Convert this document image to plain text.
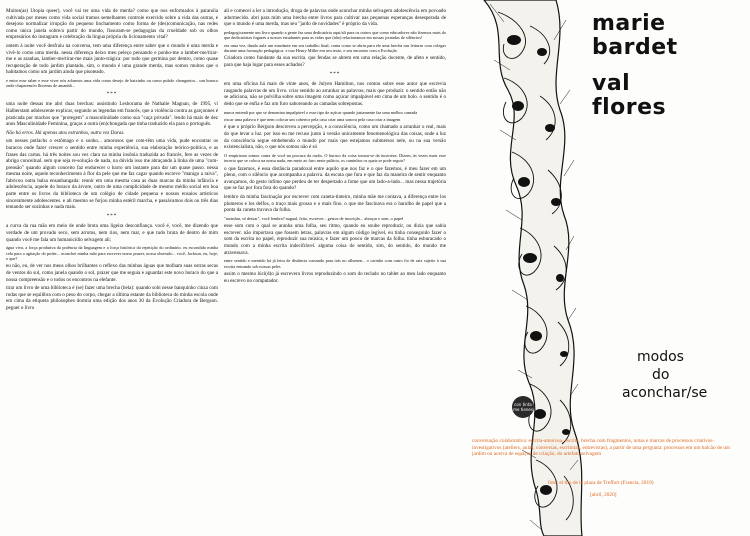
Muitos(as) Utopia queer), você vai ter uma vida de merda? como que nos enformados à paranóia cultivada por meses como vida social tramos semelhantes controle exercido sobre a vida das outras, e desejoso normalizar irrupção do pequeno linchamento como forma de (des)comunicação, nas redes como única janela sobre/a partir do mundo, fissuram-se pedagogias da crueldade sob os olhos empresários do instagram e celebração da lingua própria do licionamento vital?

ontem à noite você desfraiu na conversa, tem uma diferença entre saber que o mundo é uma merda e vivê-lo como uma merda. nessa diferença deixo meu peleço pensando e ponho-me a lamber-me/tirar-me e as aranhas, lamber-me/tirar-me mais junto-trágica: por tudo que germina por dentro, como quase recuperação de todo jardim plantado, sim, o mundo é uma grande merda, mas somos muitos que o habitamos como um jardim ainda que pisoteado.

e entre esse saber e esse viver nós achamos uma vida como desejo de baixinho ou como pulsão chongueira... um buraco onde chaparem/es lhicenas de amanhã...

***

uma noite dessas me abri duas brechas: assistindo Lesborama de Nathalie Magnan, de 1995, vi Halberstam adolescente explicar, segundo as legendas em francês, que a violência contra as garçonnes é praticada por machos que "protegem" a masculinidade como sua "caça privada". lendo há mais de dez anos Masculinidade Feminina, graças a outra (en)chongada que tinha traduzido ela para o português.

Não há erros. Há apenas atos estranhos, outra vez Duras.

um nesses potlachs o estômago e o sonho... amorosos que com-têm uma vida, pude encontrar os buracos onde fazer crescer o sentido entre minha experiência, sua elaboração teórico-política, e as frases das cartas. há três noites sou vez clara na minha insônia traduzida ao francês, fere as vezes de abrigo conceitual. sem que seja re-solução de nada, na dúvida isso me abraçando à linha de uma "com-prensão" quando algum conceito faz endurecer o barro um instante para dar um quase passo. nessa mesma noite, aquele reconhecimento à flor da pele que me faz cagar quando escrevo "manigo a raiva", fabricou outra balsa ensanhangada: reunir em uma mesma casa as duas marcas da minha infância e adolescência, aquele do buraco da árvore, outro de uma cumplicidade de mesmo médio social em boa parte entre os livros da biblioteca de um colégio de cidade pequena e nossos ensaios artísticos sinceramente adolescentes. e ali mesmo se forjou minha estéril marcha, e passávamos dois ou três dias tentando ser sozinhas e nada mais.

***

a curva da rua mão em meio de onde brota uma ligeira desconfiança. você é, você, me dizendo que verdade de um provado seco, sem arrotos, nem rios, nem mar, e que tudo bruta de dentro de mim quando você me fala um humanicídio selvagem ali;

água viva, a força produtiva da potência da linguagem e a força histórica da repetição do ordinário. eu escondida minha cela para a agitação do poder... aconchei minha mão para escrever nosso prazer, nossa obsessão... você, Jackson, eu, hoje, o que?

eu não, eu, de ver nos meus olhos brilhantes o reflexo das minhas águas que molham suas ostras secas de ventos do sul, como janela quando o sol, prazer que me seguia e aguardar este novo buraco do que a nossa compreensão e o todos os encontros na elefante.

tirar um livro de uma biblioteca é (se) fazer uma brecha (bela): quando sobi nesse banquinho cinza com rodas que se equilibra com o peso do corpo, chegar a última estante da biblioteca do minha escola onde em cima da etiqueta philosophes dormia uma edição dos anos 30 da Evolução Criadora de Bergson. peguei o livro

ali e comecei a ler a introdução, droga de palavras onde aconchar minha selvagem adolescência em povoado adormecido. abri para mim uma brecha entre livros para cultivar nas pequenas esperanças desesperada de que o mundo é uma merda, mas seu "jardo de novidades" é próprio da vida.

pedagogicamente um livro quando a gente faz uma dedicatória aqui/ali para os outros que como educadores não fizemos mais do que dedicatórias fugazes a nossos estudantes para as vidas que (não) relacionamos em nossas jornadas de silêncios!

era uma vez, dando aula um estudante em seu trabalho final, conta como se abriu para ele uma brecha nas leituras com colegas durante uma formação pedagógica. e traz Henry Miller em seu texto, e seu encontro com a Evolução

Criadora como fundante da sua escrita. que fendas se abrem em uma relação docente, de afeto e sentido, para que haja lugar para esses achados?

***

em uma oficina há mais de vinte anos, de Julyen Hamilton, nos contou sobre esse autor que escrevia rasgando palavras de um livro. criar sentido ao arranhar as palavras, mais que produzir. o sentido então não se adiciona, não se polvilha sobre uma imagem como açúcar impalpável em cima de um bolo. o sentido é o dedo que se enfia e faz um furo saboreando as camadas sobrepostas.

nunca entendi por que se denomina impalpável o esse tipo de açúcar quando justamente faz uma melhor camada

riscar uma palavra é que nem colocar um cobertor pela casa criar uma sonora pela casa criar a imagem

é que o próprio Bergson descreveu a percepção, e a consciência, como um chamado a arranhar o real, mais do que levar a luz. por isso eu me recuso junto à versão unicamente fenomenológica das coisas, onde a luz da consciência segue embebendo o mundo por mais que estejamos submersos nele, ou na sua versão existencialista, não, o que nós somos não é só

O empirismo tomou conta de você na procura da razão. O buraco da coisa tomou-se da incerteza. Dizem, às vezes mais esse incerto que se coloca na nossa nada, em meio ao furo neste palácio, os caminhos os quais se pode seguir?

o que fazemos, é essa distância paradoxal entre aquilo que nos faz e o que fazemos, é meu fazer em um pleno, com o silêncio que acompanha a palavra. da escuta que fura e que faz da maneira de sentir enquanto avançamos, do gesto infimo que perdeu de ter despertado a fome que um lado-a-lado... mas nessa trajetória que se faz por fora fora do quando?

lembro da minha fascinação por escrever com caneta-tinteiro, minha mãe me contava, a diferença entre los plumeros e los delfos, o traço mais grosso e o mais fino. o que me fascinava era o barulho de papel que a ponta da caneta travava da folha.

"arranhar, só deixar", você lembra? nagual, feito, escrever... gestos de inscrição... abraçar o som, o papel

esse som com o qual se aranha uma folha, seu ritmo, quando eu soube reproduzir, ou dizia que sabia escrever. não importava que fossem letras, palavras em algum código legível, eu tinha conseguido fazer o som da escrita no papel, reproduzir sua música, e fazer um pouco de marcas da folha. tinha esburacado o mundo com a minha escrita indecifrável. alguma coisa do sentido, sim, do sentido, do mundo me atravessava.

entre sentido e mentido há já letra de distância cursando para trás no allumen... o carinho com outro fio de raiz sujeito à sua escrita entrando sob nossas peles

assim o mesmo lúci(d)o já escrevera livros reproduzindo o som do teclado no tablet ao meu lado enquanto eu escrevo no computador.

marie
bardet
val
flores
modos
do
aconchar/se
con tinta me tienes
conversação colaborativa: escrita-amorosa, escrita, brecha com fragmentos, notas e marcas de processos criativos-investigativos (ateliers, aulas, conversas, escrituras, entrevistas), a partir de uma pergunta: processos em um balcão de um jardim ou acerca de espaços de criação, do artefato selvagem
foto: el tilo de la plaza de Treffort (Francia, 2019)
[abril, 2020]
